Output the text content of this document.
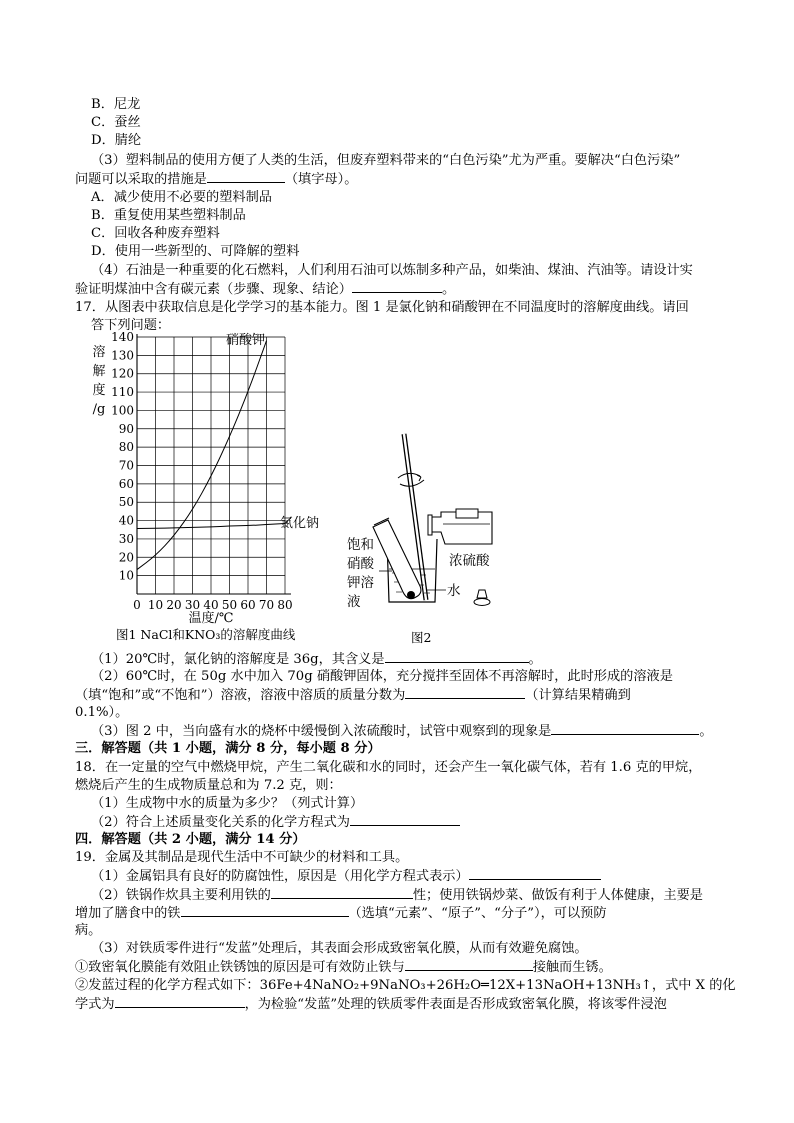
B．尼龙
C．蚕丝
D．腈纶
（3）塑料制品的使用方便了人类的生活，但废弃塑料带来的“白色污染”尤为严重。要解决“白色污染”
问题可以采取的措施是	（填字母）。
A．减少使用不必要的塑料制品
B．重复使用某些塑料制品
C．回收各种废弃塑料
D．使用一些新型的、可降解的塑料
（4）石油是一种重要的化石燃料，人们利用石油可以炼制多种产品，如柴油、煤油、汽油等。请设计实
验证明煤油中含有碳元素（步骤、现象、结论）	。
17．从图表中获取信息是化学学习的基本能力。图 1 是氯化钠和硝酸钾在不同温度时的溶解度曲线。请回
答下列问题：
140
130
120
110
100
90
80
70
60
50
40
30
20
10
0 10 20 30 40 50 60 70 80
溶
解
度
/g
温度/℃
硝酸钾
氯化钠
图1 NaCl和KNO₃的溶解度曲线
饱和
硝酸
钾溶
液
浓硫酸
水
图2
（1）20℃时，氯化钠的溶解度是 36g，其含义是	。
（2）60℃时，在 50g 水中加入 70g 硝酸钾固体，充分搅拌至固体不再溶解时，此时形成的溶液是
（填“饱和”或“不饱和”）溶液，溶液中溶质的质量分数为	（计算结果精确到
0.1%）。
（3）图 2 中，当向盛有水的烧杯中缓慢倒入浓硫酸时，试管中观察到的现象是	。
三．解答题（共 1 小题，满分 8 分，每小题 8 分）
18．在一定量的空气中燃烧甲烷，产生二氧化碳和水的同时，还会产生一氧化碳气体，若有 1.6 克的甲烷，
燃烧后产生的生成物质量总和为 7.2 克，则：
（1）生成物中水的质量为多少？（列式计算）
（2）符合上述质量变化关系的化学方程式为
四．解答题（共 2 小题，满分 14 分）
19．金属及其制品是现代生活中不可缺少的材料和工具。
（1）金属铝具有良好的防腐蚀性，原因是（用化学方程式表示）
（2）铁锅作炊具主要利用铁的	性；使用铁锅炒菜、做饭有利于人体健康，主要是
增加了膳食中的铁	（选填“元素”、“原子”、“分子”），可以预防
病。
（3）对铁质零件进行“发蓝”处理后，其表面会形成致密氧化膜，从而有效避免腐蚀。
①致密氧化膜能有效阻止铁锈蚀的原因是可有效防止铁与	接触而生锈。
②发蓝过程的化学方程式如下：36Fe+4NaNO₂+9NaNO₃+26H₂O═12X+13NaOH+13NH₃↑，式中 X 的化
学式为	，为检验“发蓝”处理的铁质零件表面是否形成致密氧化膜，将该零件浸泡
